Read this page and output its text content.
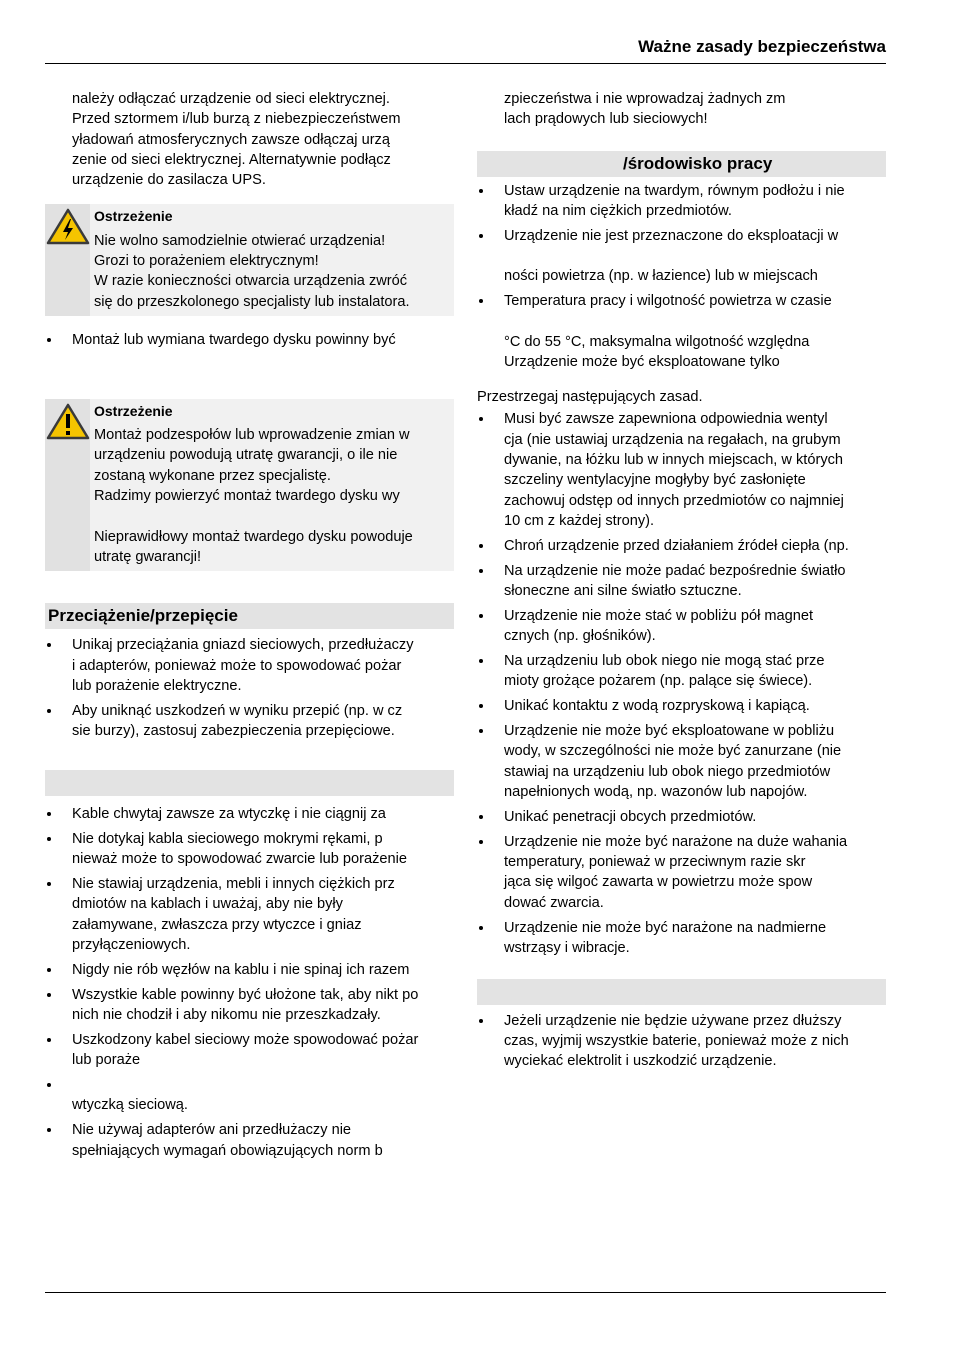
Ważne zasady bezpieczeństwa

należy odłączać urządzenie od sieci elektrycznej.
Przed sztormem i/lub burzą z niebezpieczeństwem
yładowań atmosferycznych zawsze odłączaj urzą
zenie od sieci elektrycznej. Alternatywnie podłącz
urządzenie do zasilacza UPS.

Ostrzeżenie

Nie wolno samodzielnie otwierać urządzenia!
Grozi to porażeniem elektrycznym!
W razie konieczności otwarcia urządzenia zwróć
się do przeszkolonego specjalisty lub instalatora.

Montaż lub wymiana twardego dysku powinny być
Ostrzeżenie

Montaż podzespołów lub wprowadzenie zmian w
urządzeniu powodują utratę gwarancji, o ile nie
zostaną wykonane przez specjalistę.
Radzimy powierzyć montaż twardego dysku wy

Nieprawidłowy montaż twardego dysku powoduje
utratę gwarancji!

Przeciążenie/przepięcie
Unikaj przeciążania gniazd sieciowych, przedłużaczy
i adapterów, ponieważ może to spowodować pożar
lub porażenie elektryczne.
Aby uniknąć uszkodzeń w wyniku przepić (np. w cz
sie burzy), zastosuj zabezpieczenia przepięciowe.
Kable chwytaj zawsze za wtyczkę i nie ciągnij za

Nie dotykaj kabla sieciowego mokrymi rękami, p
nieważ może to spowodować zwarcie lub porażenie

Nie stawiaj urządzenia, mebli i innych ciężkich prz
dmiotów na kablach i uważaj, aby nie były
załamywane, zwłaszcza przy wtyczce i gniaz
przyłączeniowych.
Nigdy nie rób węzłów na kablu i nie spinaj ich razem

Wszystkie kable powinny być ułożone tak, aby nikt po
nich nie chodził i aby nikomu nie przeszkadzały.
Uszkodzony kabel sieciowy może spowodować pożar
lub poraże

wtyczką sieciową.
Nie używaj adapterów ani przedłużaczy nie
spełniających wymagań obowiązujących norm b

zpieczeństwa i nie wprowadzaj żadnych zm
lach prądowych lub sieciowych!

/środowisko pracy
Ustaw urządzenie na twardym, równym podłożu i nie
kładź na nim ciężkich przedmiotów.
Urządzenie nie jest przeznaczone do eksploatacji w

ności powietrza (np. w łazience) lub w miejscach

Temperatura pracy i wilgotność powietrza w czasie

°C do 55 °C, maksymalna wilgotność względna
Urządzenie może być eksploatowane tylko

Przestrzegaj następujących zasad.

Musi być zawsze zapewniona odpowiednia wentyl
cja (nie ustawiaj urządzenia na regałach, na grubym
dywanie, na łóżku lub w innych miejscach, w których
szczeliny wentylacyjne mogłyby być zasłonięte
zachowuj odstęp od innych przedmiotów co najmniej
10 cm z każdej strony).
Chroń urządzenie przed działaniem źródeł ciepła (np.

Na urządzenie nie może padać bezpośrednie światło
słoneczne ani silne światło sztuczne.
Urządzenie nie może stać w pobliżu pół magnet
cznych (np. głośników).
Na urządzeniu lub obok niego nie mogą stać prze
mioty grożące pożarem (np. palące się świece).
Unikać kontaktu z wodą rozpryskową i kapiącą.
Urządzenie nie może być eksploatowane w pobliżu
wody, w szczególności nie może być zanurzane (nie
stawiaj na urządzeniu lub obok niego przedmiotów
napełnionych wodą, np. wazonów lub napojów.
Unikać penetracji obcych przedmiotów.
Urządzenie nie może być narażone na duże wahania
temperatury, ponieważ w przeciwnym razie skr
jąca się wilgoć zawarta w powietrzu może spow
dować zwarcia.
Urządzenie nie może być narażone na nadmierne
wstrząsy i wibracje.
Jeżeli urządzenie nie będzie używane przez dłuższy
czas, wyjmij wszystkie baterie, ponieważ może z nich
wyciekać elektrolit i uszkodzić urządzenie.
